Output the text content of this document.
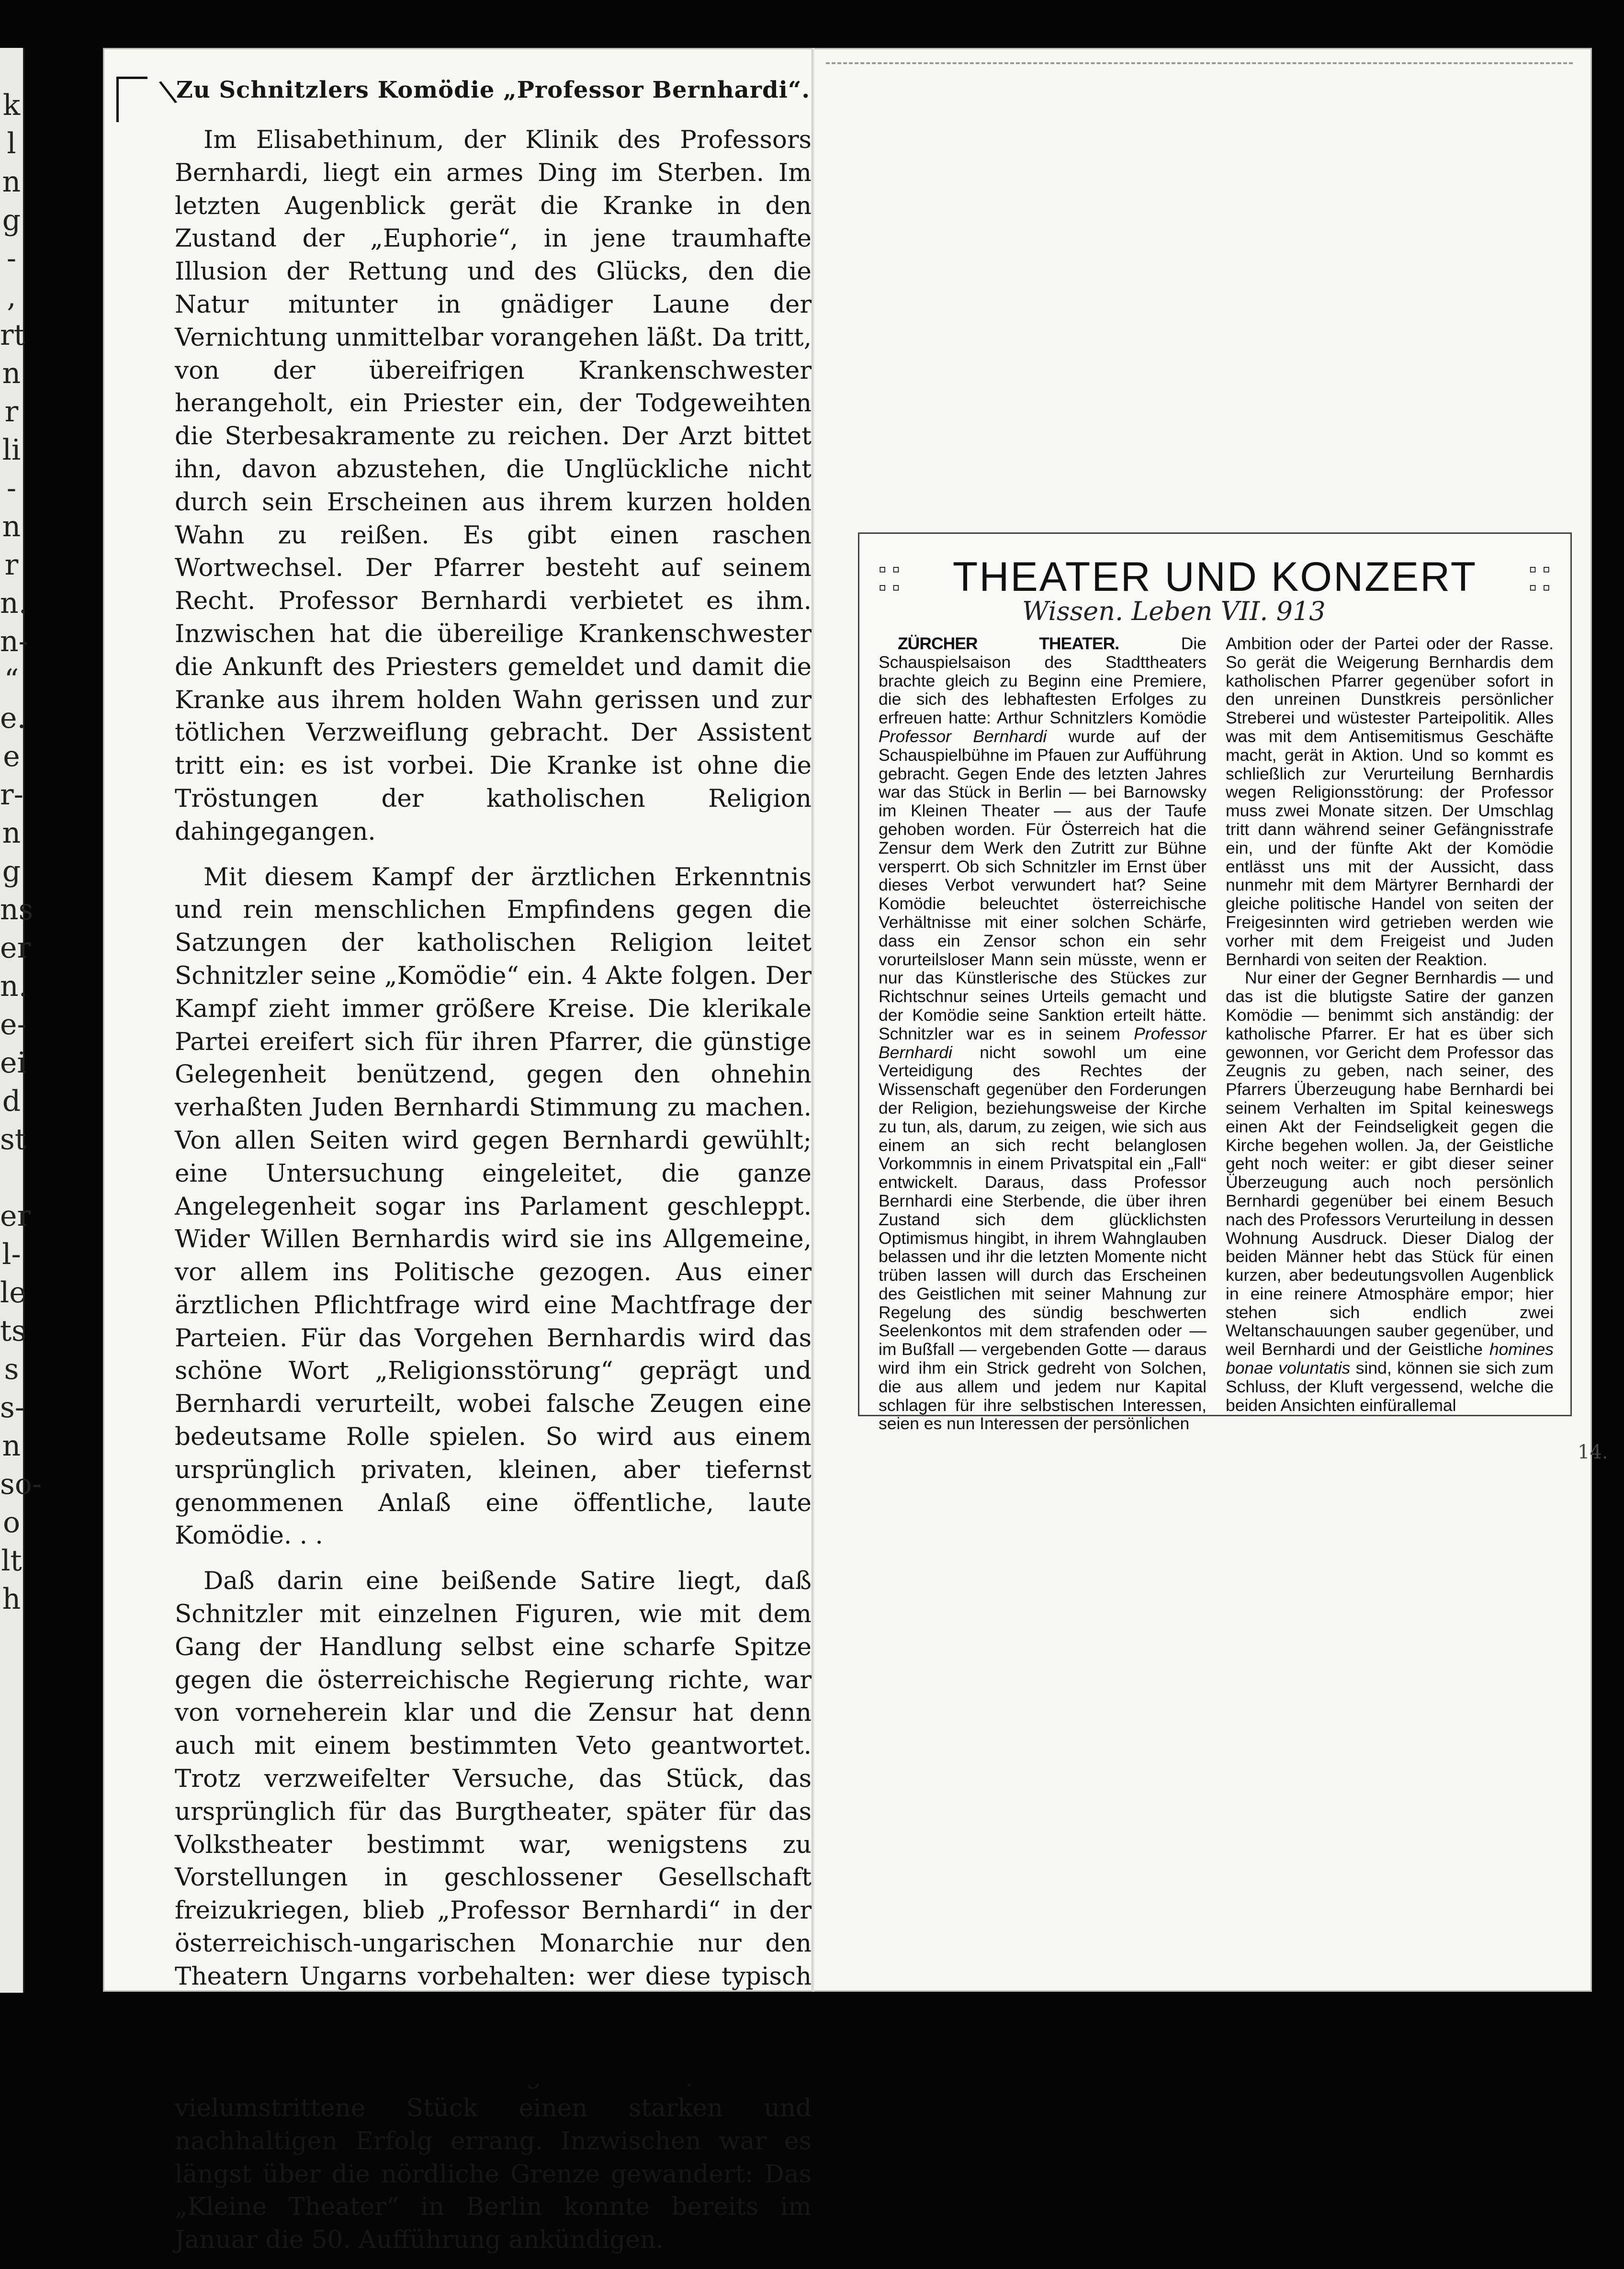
k
l
n
g
-
,
rt
n
r
li
-
n
r
n.
n-
“
e.
e
r-
n
g
ns
er
n.
e-
ei
d
st

er
l-
le
ts
s
s-
n
so-
o
lt
h
\
Zu Schnitzlers Komödie „Professor Bernhardi“.

Im Elisabethinum, der Klinik des Professors Bernhardi, liegt ein armes Ding im Sterben. Im letzten Augenblick gerät die Kranke in den Zustand der „Euphorie“, in jene traumhafte Illusion der Rettung und des Glücks, den die Natur mitunter in gnädiger Laune der Vernichtung unmittelbar vorangehen läßt. Da tritt, von der übereifrigen Krankenschwester herangeholt, ein Priester ein, der Todgeweihten die Sterbesakramente zu reichen. Der Arzt bittet ihn, davon abzustehen, die Unglückliche nicht durch sein Erscheinen aus ihrem kurzen holden Wahn zu reißen. Es gibt einen raschen Wortwechsel. Der Pfarrer besteht auf seinem Recht. Professor Bernhardi verbietet es ihm. Inzwischen hat die übereilige Krankenschwester die Ankunft des Priesters gemeldet und damit die Kranke aus ihrem holden Wahn gerissen und zur tötlichen Verzweiflung gebracht. Der Assistent tritt ein: es ist vorbei. Die Kranke ist ohne die Tröstungen der katholischen Religion dahingegangen.

Mit diesem Kampf der ärztlichen Erkenntnis und rein menschlichen Empfindens gegen die Satzungen der katholischen Religion leitet Schnitzler seine „Komödie“ ein. 4 Akte folgen. Der Kampf zieht immer größere Kreise. Die klerikale Partei ereifert sich für ihren Pfarrer, die günstige Gelegenheit benützend, gegen den ohnehin verhaßten Juden Bernhardi Stimmung zu machen. Von allen Seiten wird gegen Bernhardi gewühlt; eine Untersuchung eingeleitet, die ganze Angelegenheit sogar ins Parlament geschleppt. Wider Willen Bernhardis wird sie ins Allgemeine, vor allem ins Politische gezogen. Aus einer ärztlichen Pflichtfrage wird eine Machtfrage der Parteien. Für das Vorgehen Bernhardis wird das schöne Wort „Religionsstörung“ geprägt und Bernhardi verurteilt, wobei falsche Zeugen eine bedeutsame Rolle spielen. So wird aus einem ursprünglich privaten, kleinen, aber tiefernst genommenen Anlaß eine öffentliche, laute Komödie. . .

Daß darin eine beißende Satire liegt, daß Schnitzler mit einzelnen Figuren, wie mit dem Gang der Handlung selbst eine scharfe Spitze gegen die österreichische Regierung richte, war von vorneherein klar und die Zensur hat denn auch mit einem bestimmten Veto geantwortet. Trotz verzweifelter Versuche, das Stück, das ursprünglich für das Burgtheater, später für das Volkstheater bestimmt war, wenigstens zu Vorstellungen in geschlossener Gesellschaft freizukriegen, blieb „Professor Bernhardi“ in der österreichisch-ungarischen Monarchie nur den Theatern Ungarns vorbehalten: wer diese typisch vielumstrittene Stück einen starken und nachhaltigen Erfolg errang. Inzwischen war es längst über die nördliche Grenze gewandert: Das „Kleine Theater“ in Berlin konnte bereits im Januar die 50. Aufführung ankündigen.

▫▫
▫▫	THEATER UND KONZERT	▫▫
▫▫
Wissen. Leben VII. 913

ZÜRCHER THEATER. Die Schauspielsaison des Stadttheaters brachte gleich zu Beginn eine Premiere, die sich des lebhaftesten Erfolges zu erfreuen hatte: Arthur Schnitzlers Komödie Professor Bernhardi wurde auf der Schauspielbühne im Pfauen zur Aufführung gebracht. Gegen Ende des letzten Jahres war das Stück in Berlin — bei Barnowsky im Kleinen Theater — aus der Taufe gehoben worden. Für Österreich hat die Zensur dem Werk den Zutritt zur Bühne versperrt. Ob sich Schnitzler im Ernst über dieses Verbot verwundert hat? Seine Komödie beleuchtet österreichische Verhältnisse mit einer solchen Schärfe, dass ein Zensor schon ein sehr vorurteilsloser Mann sein müsste, wenn er nur das Künstlerische des Stückes zur Richtschnur seines Urteils gemacht und der Komödie seine Sanktion erteilt hätte. Schnitzler war es in seinem Professor Bernhardi nicht sowohl um eine Verteidigung des Rechtes der Wissenschaft gegenüber den Forderungen der Religion, beziehungsweise der Kirche zu tun, als, darum, zu zeigen, wie sich aus einem an sich recht belanglosen Vorkommnis in einem Privatspital ein „Fall“ entwickelt. Daraus, dass Professor Bernhardi eine Sterbende, die über ihren Zustand sich dem glücklichsten Optimismus hingibt, in ihrem Wahnglauben belassen und ihr die letzten Momente nicht trüben lassen will durch das Erscheinen des Geistlichen mit seiner Mahnung zur Regelung des sündig beschwerten Seelenkontos mit dem strafenden oder — im Bußfall — vergebenden Gotte — daraus wird ihm ein Strick gedreht von Solchen, die aus allem und jedem nur Kapital schlagen für ihre selbstischen Interessen, seien es nun Interessen der persönlichen

Ambition oder der Partei oder der Rasse. So gerät die Weigerung Bernhardis dem katholischen Pfarrer gegenüber sofort in den unreinen Dunstkreis persönlicher Streberei und wüstester Parteipolitik. Alles was mit dem Antisemitismus Geschäfte macht, gerät in Aktion. Und so kommt es schließlich zur Verurteilung Bernhardis wegen Religionsstörung: der Professor muss zwei Monate sitzen. Der Umschlag tritt dann während seiner Gefängnisstrafe ein, und der fünfte Akt der Komödie entlässt uns mit der Aussicht, dass nunmehr mit dem Märtyrer Bernhardi der gleiche politische Handel von seiten der Freigesinnten wird getrieben werden wie vorher mit dem Freigeist und Juden Bernhardi von seiten der Reaktion.

Nur einer der Gegner Bernhardis — und das ist die blutigste Satire der ganzen Komödie — benimmt sich anständig: der katholische Pfarrer. Er hat es über sich gewonnen, vor Gericht dem Professor das Zeugnis zu geben, nach seiner, des Pfarrers Überzeugung habe Bernhardi bei seinem Verhalten im Spital keineswegs einen Akt der Feindseligkeit gegen die Kirche begehen wollen. Ja, der Geistliche geht noch weiter: er gibt dieser seiner Überzeugung auch noch persönlich Bernhardi gegenüber bei einem Besuch nach des Professors Verurteilung in dessen Wohnung Ausdruck. Dieser Dialog der beiden Männer hebt das Stück für einen kurzen, aber bedeutungsvollen Augenblick in eine reinere Atmosphäre empor; hier stehen sich endlich zwei Weltanschauungen sauber gegenüber, und weil Bernhardi und der Geistliche homines bonae voluntatis sind, können sie sich zum Schluss, der Kluft vergessend, welche die beiden Ansichten einfürallemal

14.
